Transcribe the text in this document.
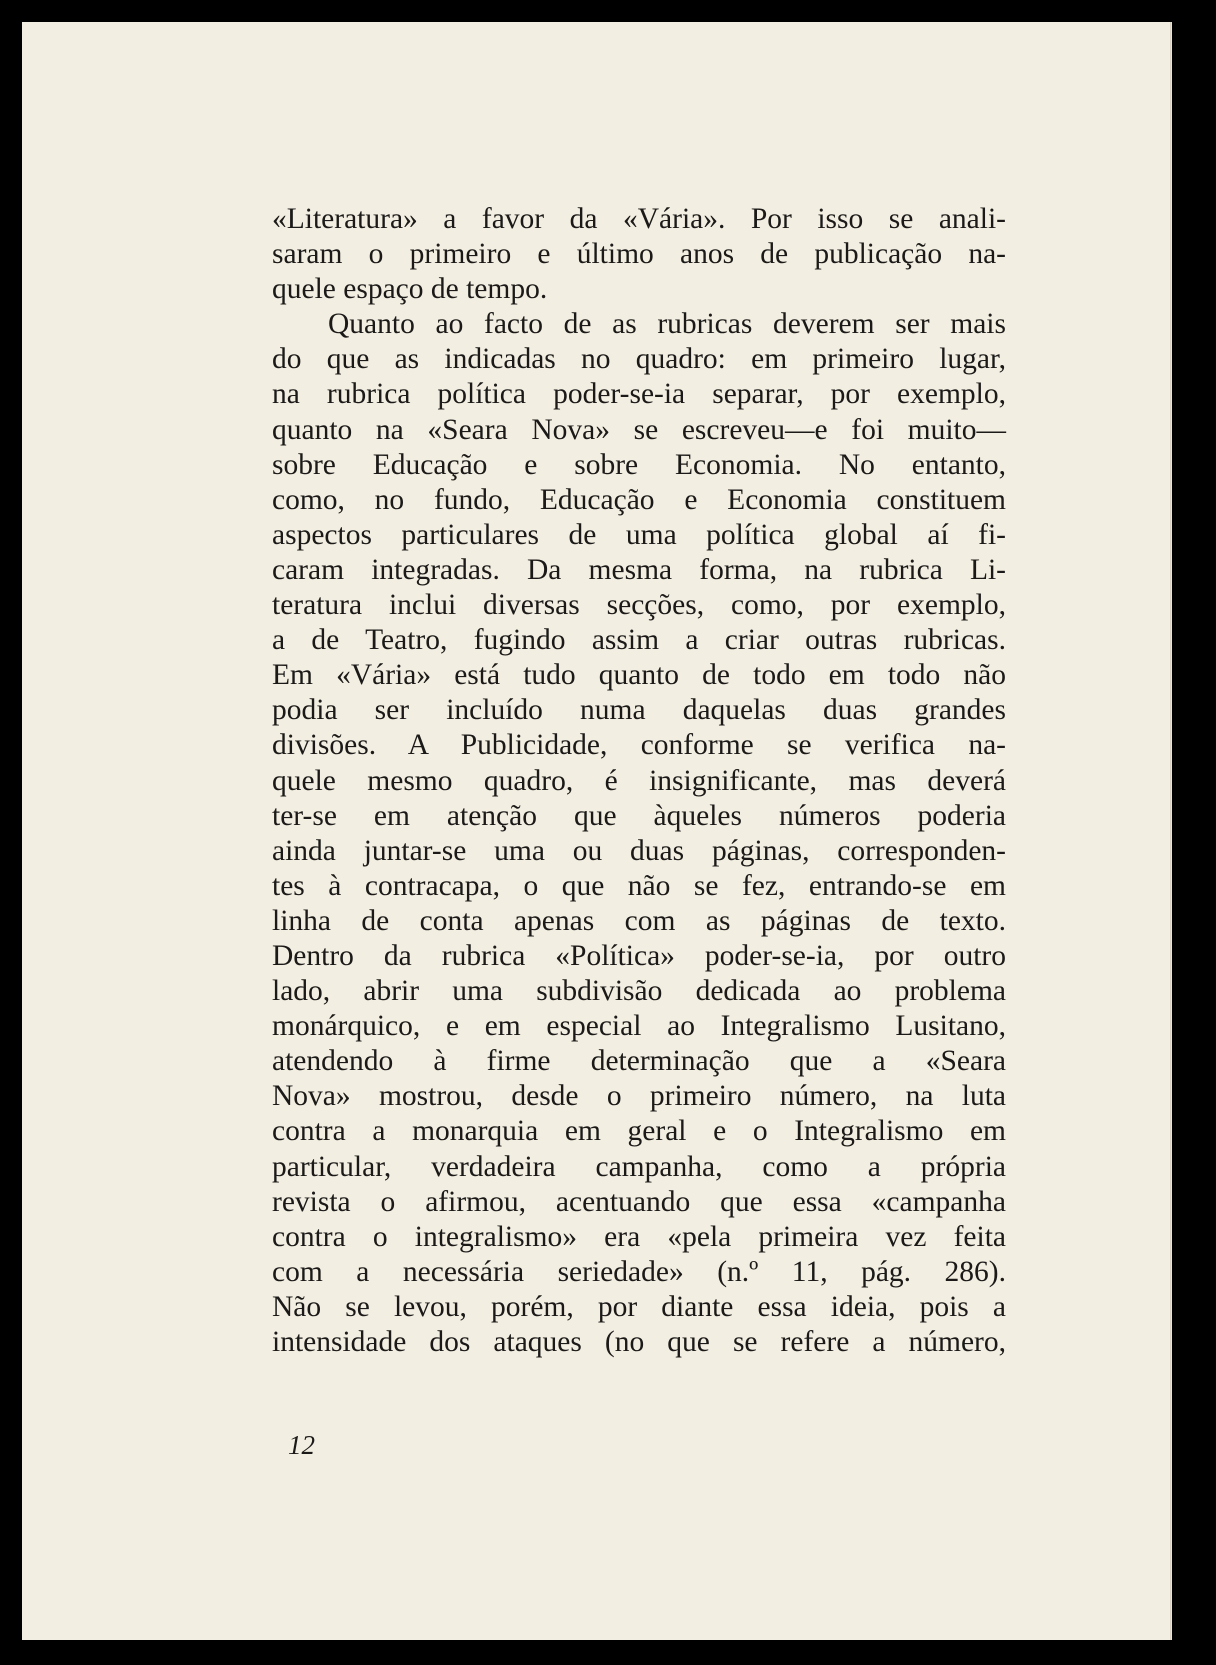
«Literatura» a favor da «Vária». Por isso se anali-
saram o primeiro e último anos de publicação na-
quele espaço de tempo.
Quanto ao facto de as rubricas deverem ser mais
do que as indicadas no quadro: em primeiro lugar,
na rubrica política poder-se-ia separar, por exemplo,
quanto na «Seara Nova» se escreveu—e foi muito—
sobre Educação e sobre Economia. No entanto,
como, no fundo, Educação e Economia constituem
aspectos particulares de uma política global aí fi-
caram integradas. Da mesma forma, na rubrica Li-
teratura inclui diversas secções, como, por exemplo,
a de Teatro, fugindo assim a criar outras rubricas.
Em «Vária» está tudo quanto de todo em todo não
podia ser incluído numa daquelas duas grandes
divisões. A Publicidade, conforme se verifica na-
quele mesmo quadro, é insignificante, mas deverá
ter-se em atenção que àqueles números poderia
ainda juntar-se uma ou duas páginas, corresponden-
tes à contracapa, o que não se fez, entrando-se em
linha de conta apenas com as páginas de texto.
Dentro da rubrica «Política» poder-se-ia, por outro
lado, abrir uma subdivisão dedicada ao problema
monárquico, e em especial ao Integralismo Lusitano,
atendendo à firme determinação que a «Seara
Nova» mostrou, desde o primeiro número, na luta
contra a monarquia em geral e o Integralismo em
particular, verdadeira campanha, como a própria
revista o afirmou, acentuando que essa «campanha
contra o integralismo» era «pela primeira vez feita
com a necessária seriedade» (n.º 11, pág. 286).
Não se levou, porém, por diante essa ideia, pois a
intensidade dos ataques (no que se refere a número,
12
